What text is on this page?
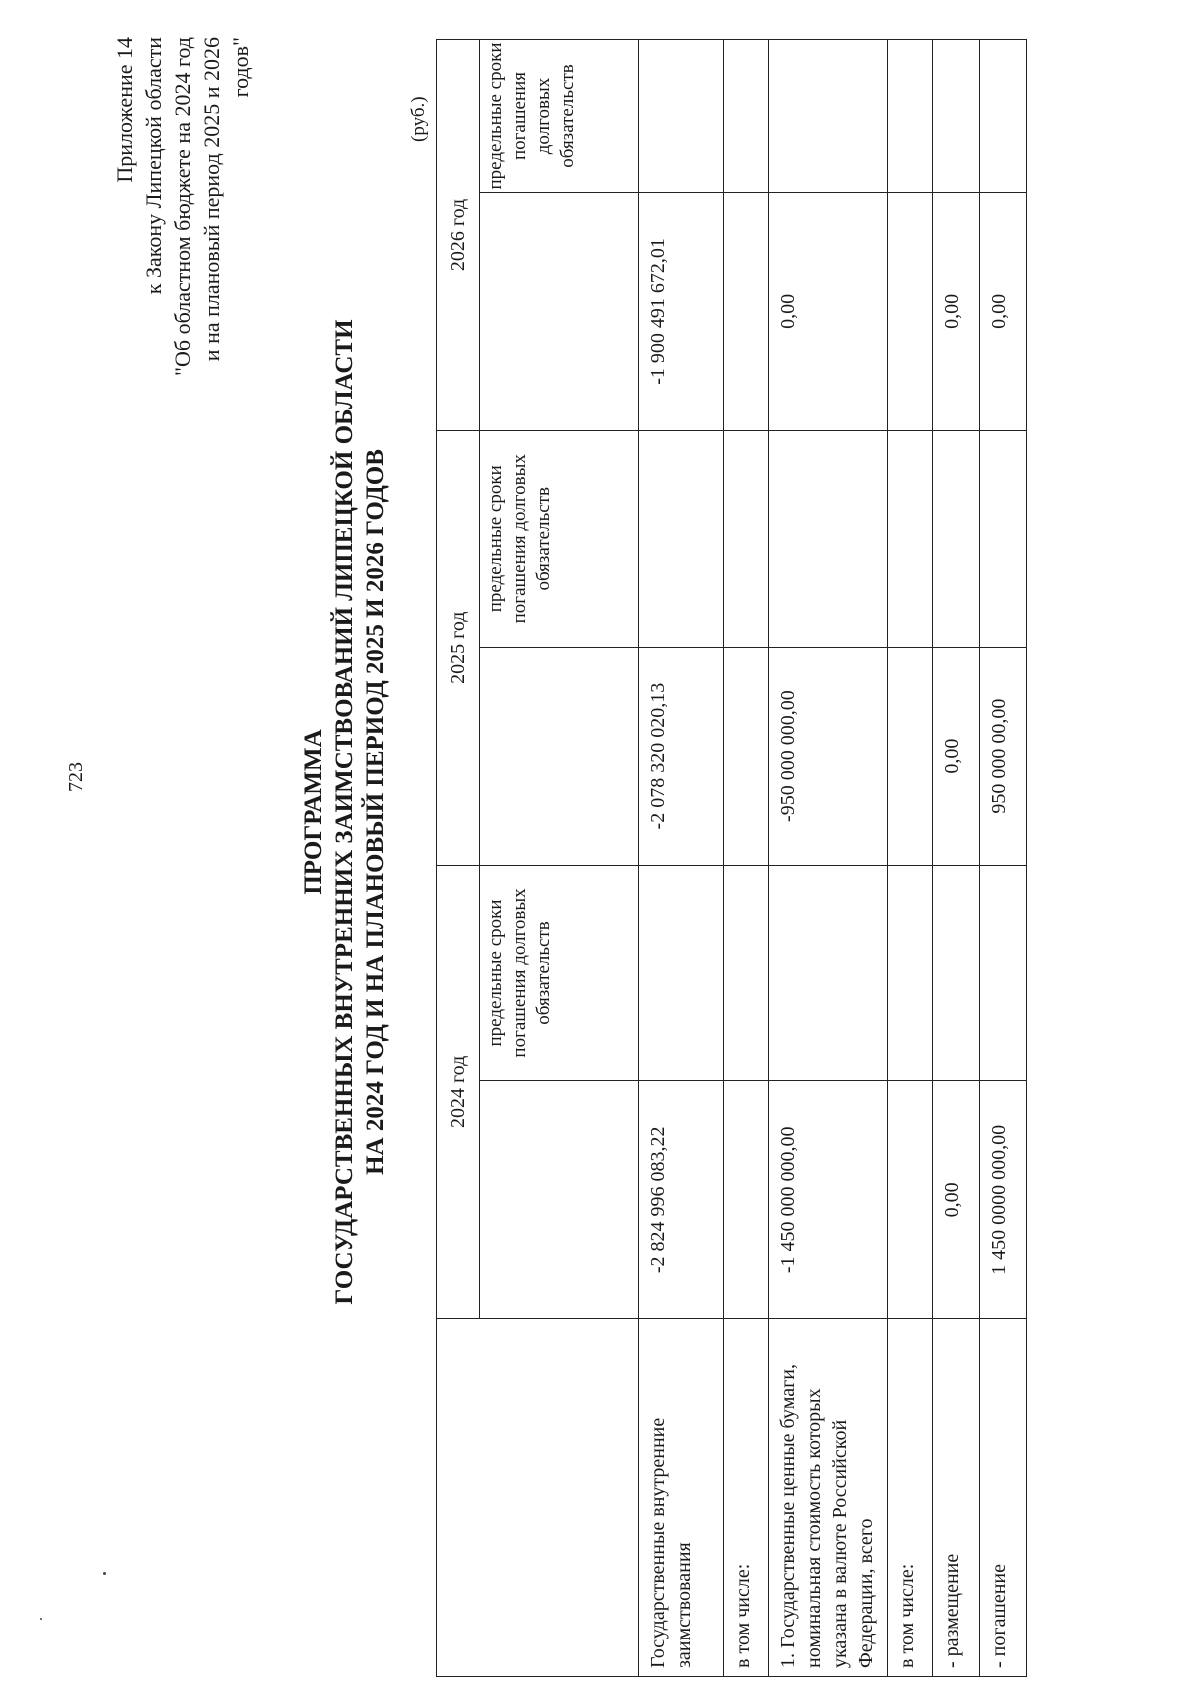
723
Приложение 14 к Закону Липецкой области "Об областном бюджете на 2024 год и на плановый период 2025 и 2026 годов"
ПРОГРАММА ГОСУДАРСТВЕННЫХ ВНУТРЕННИХ ЗАИМСТВОВАНИЙ ЛИПЕЦКОЙ ОБЛАСТИ НА 2024 ГОД И НА ПЛАНОВЫЙ ПЕРИОД 2025 И 2026 ГОДОВ
(руб.)
	2024 год		2025 год		2026 год	
		предельные сроки погашения долговых обязательств		предельные сроки погашения долговых обязательств		предельные сроки погашения долговых обязательств
Государственные внутренние заимствования	-2 824 996 083,22		-2 078 320 020,13		-1 900 491 672,01	
в том числе:						
1. Государственные ценные бумаги, номинальная стоимость которых указана в валюте Российской Федерации, всего	-1 450 000 000,00		-950 000 000,00		0,00	
в том числе:						
- размещение	0,00		0,00		0,00	
- погашение	1 450 0000 000,00		950 000 00,00		0,00	
